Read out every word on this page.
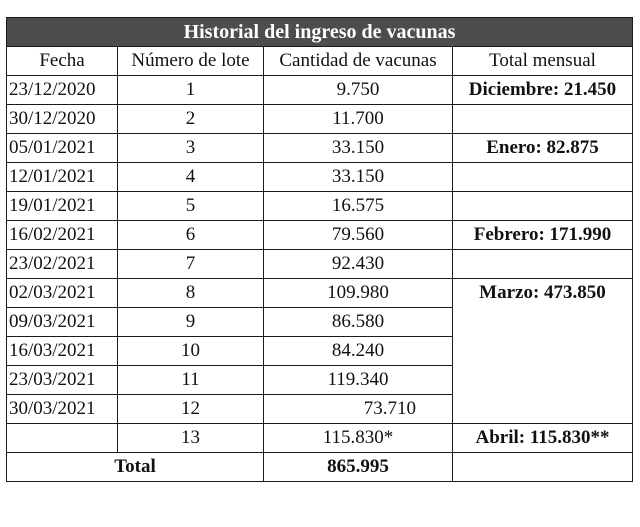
Historial del ingreso de vacunas			
Fecha	Número de lote	Cantidad de vacunas	Total mensual
23/12/2020	1	9.750	Diciembre: 21.450
30/12/2020	2	11.700	
05/01/2021	3	33.150	Enero: 82.875
12/01/2021	4	33.150	
19/01/2021	5	16.575	
16/02/2021	6	79.560	Febrero: 171.990
23/02/2021	7	92.430	
02/03/2021	8	109.980	Marzo: 473.850
09/03/2021	9	86.580	
16/03/2021	10	84.240	
23/03/2021	11	119.340	
30/03/2021	12	73.710	
	13	115.830*	Abril: 115.830**
Total		865.995	
